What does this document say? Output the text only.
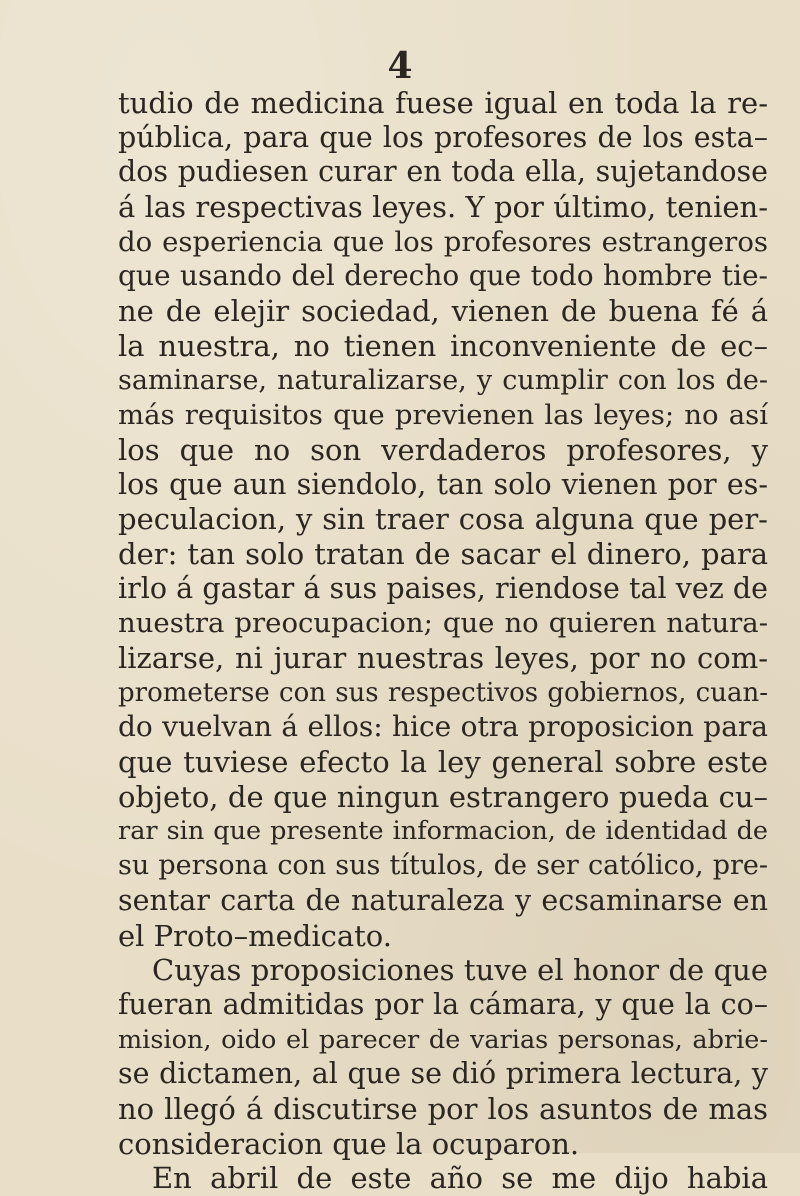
4

tudio de medicina fuese igual en toda la re-
pública, para que los profesores de los esta–
dos pudiesen curar en toda ella, sujetandose
á las respectivas leyes. Y por último, tenien-
do esperiencia que los profesores estrangeros
que usando del derecho que todo hombre tie-
ne de elejir sociedad, vienen de buena fé á
la nuestra, no tienen inconveniente de ec–
saminarse, naturalizarse, y cumplir con los de-
más requisitos que previenen las leyes; no así
los que no son verdaderos profesores, y
los que aun siendolo, tan solo vienen por es-
peculacion, y sin traer cosa alguna que per-
der: tan solo tratan de sacar el dinero, para
irlo á gastar á sus paises, riendose tal vez de
nuestra preocupacion; que no quieren natura-
lizarse, ni jurar nuestras leyes, por no com-
prometerse con sus respectivos gobiernos, cuan-
do vuelvan á ellos: hice otra proposicion para
que tuviese efecto la ley general sobre este
objeto, de que ningun estrangero pueda cu–
rar sin que presente informacion, de identidad de
su persona con sus títulos, de ser católico, pre-
sentar carta de naturaleza y ecsaminarse en
el Proto–medicato.
Cuyas proposiciones tuve el honor de que
fueran admitidas por la cámara, y que la co–
mision, oido el parecer de varias personas, abrie-
se dictamen, al que se dió primera lectura, y
no llegó á discutirse por los asuntos de mas
consideracion que la ocuparon.
En abril de este año se me dijo habia
